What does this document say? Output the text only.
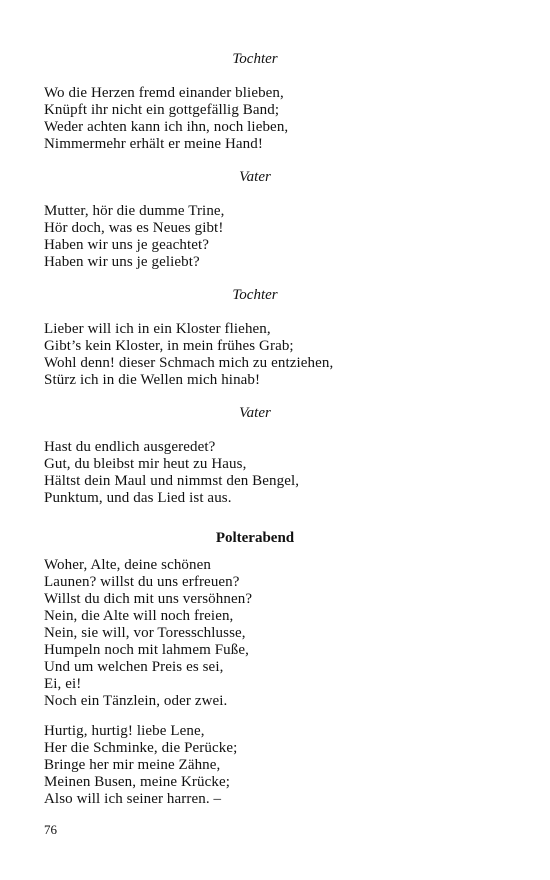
Tochter
Wo die Herzen fremd einander blieben,
Knüpft ihr nicht ein gottgefällig Band;
Weder achten kann ich ihn, noch lieben,
Nimmermehr erhält er meine Hand!
Vater
Mutter, hör die dumme Trine,
Hör doch, was es Neues gibt!
Haben wir uns je geachtet?
Haben wir uns je geliebt?
Tochter
Lieber will ich in ein Kloster fliehen,
Gibt’s kein Kloster, in mein frühes Grab;
Wohl denn! dieser Schmach mich zu entziehen,
Stürz ich in die Wellen mich hinab!
Vater
Hast du endlich ausgeredet?
Gut, du bleibst mir heut zu Haus,
Hältst dein Maul und nimmst den Bengel,
Punktum, und das Lied ist aus.
Polterabend
Woher, Alte, deine schönen
Launen? willst du uns erfreuen?
Willst du dich mit uns versöhnen?
Nein, die Alte will noch freien,
Nein, sie will, vor Toresschlusse,
Humpeln noch mit lahmem Fuße,
Und um welchen Preis es sei,
Ei, ei!
Noch ein Tänzlein, oder zwei.
Hurtig, hurtig! liebe Lene,
Her die Schminke, die Perücke;
Bringe her mir meine Zähne,
Meinen Busen, meine Krücke;
Also will ich seiner harren. –
76
